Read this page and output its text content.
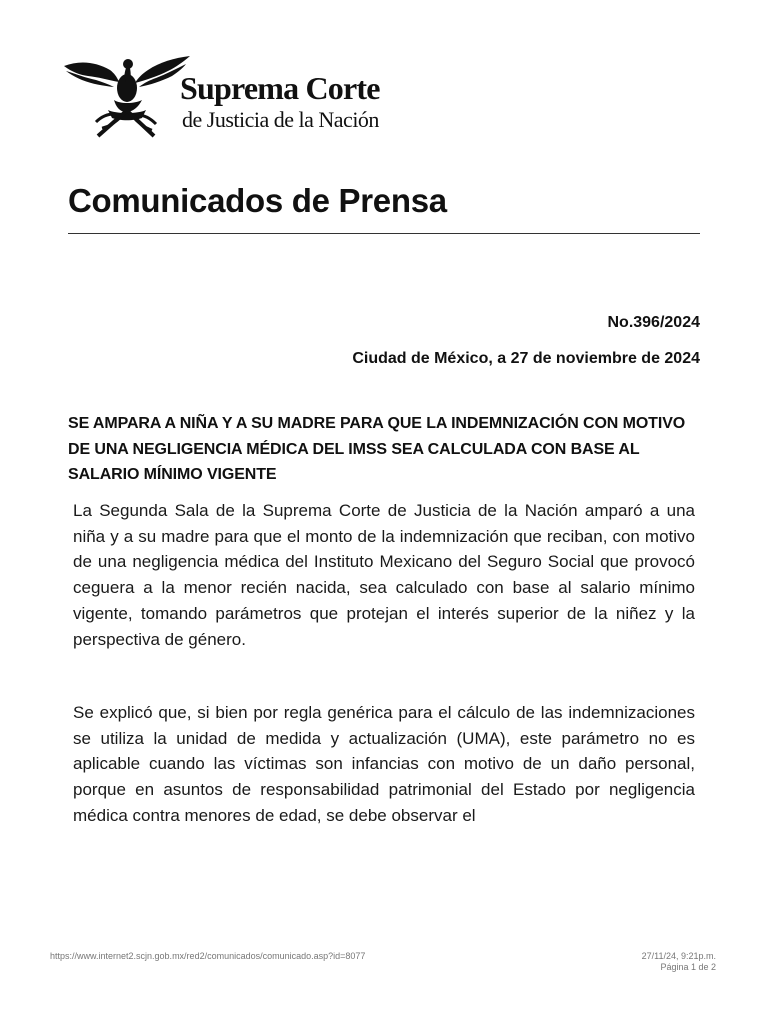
Suprema Corte
de Justicia de la Nación
Comunicados de Prensa
No.396/2024
Ciudad de México, a 27 de noviembre de 2024
SE AMPARA A NIÑA Y A SU MADRE PARA QUE LA INDEMNIZACIÓN CON MOTIVO DE UNA NEGLIGENCIA MÉDICA DEL IMSS SEA CALCULADA CON BASE AL SALARIO MÍNIMO VIGENTE

La Segunda Sala de la Suprema Corte de Justicia de la Nación amparó a una niña y a su madre para que el monto de la indemnización que reciban, con motivo de una negligencia médica del Instituto Mexicano del Seguro Social que provocó ceguera a la menor recién nacida, sea calculado con base al salario mínimo vigente, tomando parámetros que protejan el interés superior de la niñez y la perspectiva de género.

Se explicó que, si bien por regla genérica para el cálculo de las indemnizaciones se utiliza la unidad de medida y actualización (UMA), este parámetro no es aplicable cuando las víctimas son infancias con motivo de un daño personal, porque en asuntos de responsabilidad patrimonial del Estado por negligencia médica contra menores de edad, se debe observar el

https://www.internet2.scjn.gob.mx/red2/comunicados/comunicado.asp?id=8077	27/11/24, 9:21p.m.
Página 1 de 2
